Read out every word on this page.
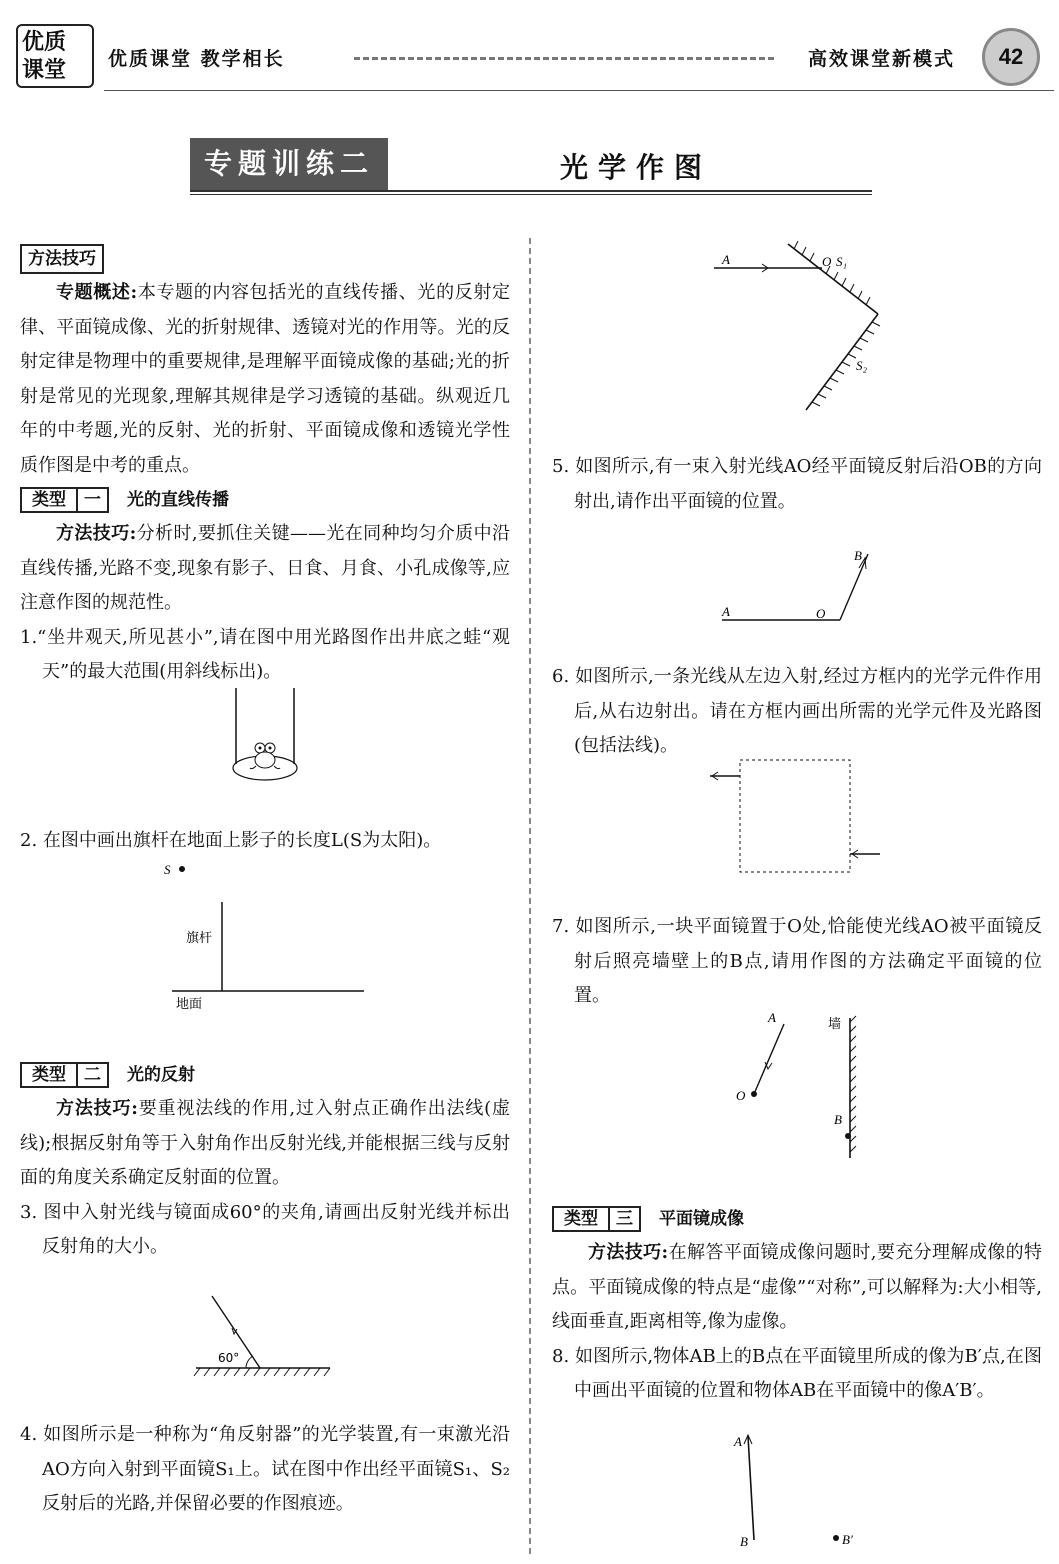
优质
课堂	优质课堂 教学相长	高效课堂新模式	42
专题训练二	光学作图
方法技巧

专题概述:本专题的内容包括光的直线传播、光的反射定律、平面镜成像、光的折射规律、透镜对光的作用等。光的反射定律是物理中的重要规律,是理解平面镜成像的基础;光的折射是常见的光现象,理解其规律是学习透镜的基础。纵观近几年的中考题,光的反射、光的折射、平面镜成像和透镜光学性质作图是中考的重点。

类型	一	光的直线传播

方法技巧:分析时,要抓住关键——光在同种均匀介质中沿直线传播,光路不变,现象有影子、日食、月食、小孔成像等,应注意作图的规范性。

1.“坐井观天,所见甚小”,请在图中用光路图作出井底之蛙“观天”的最大范围(用斜线标出)。

2. 在图中画出旗杆在地面上影子的长度L(S为太阳)。

S
旗杆
地面
类型	二	光的反射

方法技巧:要重视法线的作用,过入射点正确作出法线(虚线);根据反射角等于入射角作出反射光线,并能根据三线与反射面的角度关系确定反射面的位置。

3. 图中入射光线与镜面成60°的夹角,请画出反射光线并标出反射角的大小。

60°

4. 如图所示是一种称为“角反射器”的光学装置,有一束激光沿AO方向入射到平面镜S₁上。试在图中作出经平面镜S₁、S₂反射后的光路,并保留必要的作图痕迹。

A	O S₁
S₂

5. 如图所示,有一束入射光线AO经平面镜反射后沿OB的方向射出,请作出平面镜的位置。

A	O
B

6. 如图所示,一条光线从左边入射,经过方框内的光学元件作用后,从右边射出。请在方框内画出所需的光学元件及光路图(包括法线)。

7. 如图所示,一块平面镜置于O处,恰能使光线AO被平面镜反射后照亮墙壁上的B点,请用作图的方法确定平面镜的位置。

A
O
墙
B
类型	三	平面镜成像

方法技巧:在解答平面镜成像问题时,要充分理解成像的特点。平面镜成像的特点是“虚像”“对称”,可以解释为:大小相等,线面垂直,距离相等,像为虚像。

8. 如图所示,物体AB上的B点在平面镜里所成的像为B′点,在图中画出平面镜的位置和物体AB在平面镜中的像A′B′。

A
B	B′
